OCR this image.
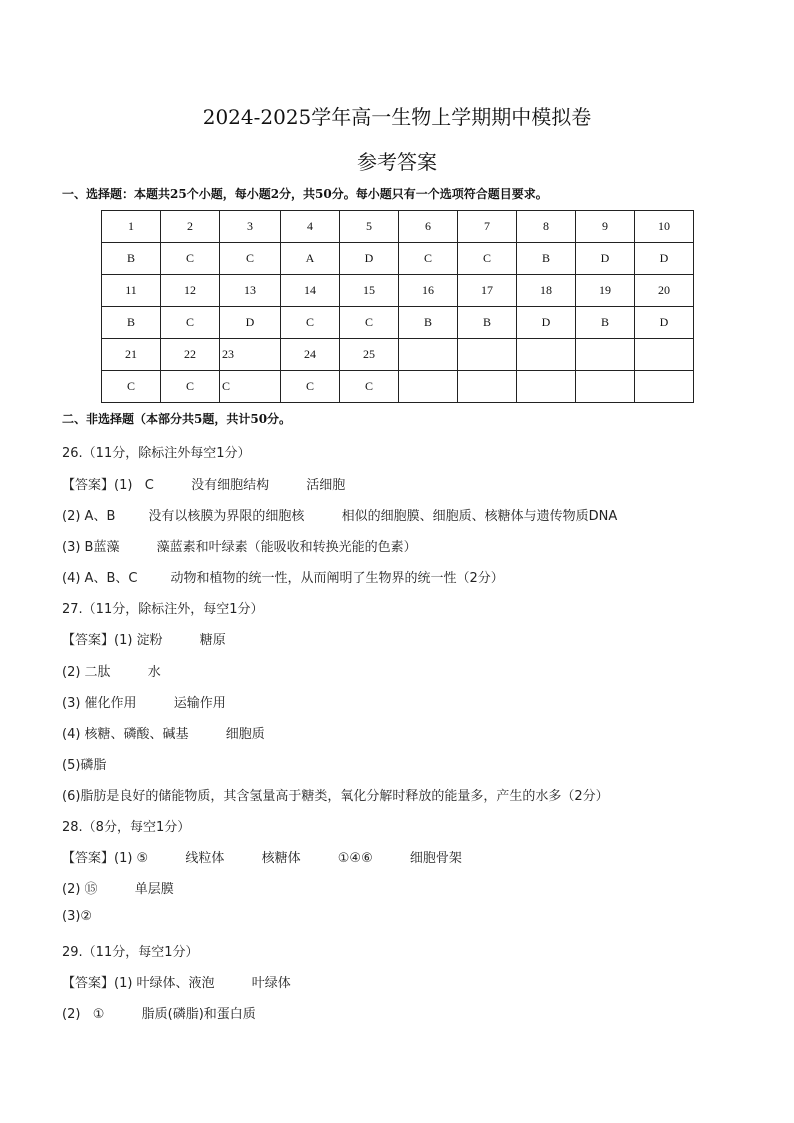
2024-2025学年高一生物上学期期中模拟卷
参考答案
一、选择题：本题共25个小题，每小题2分，共50分。每小题只有一个选项符合题目要求。
1	2	3	4	5	6	7	8	9	10
B	C	C	A	D	C	C	B	D	D
11	12	13	14	15	16	17	18	19	20
B	C	D	C	C	B	B	D	B	D
21	22	23	24	25					
C	C	C	C	C					
二、非选择题（本部分共5题，共计50分。
26.（11分，除标注外每空1分）
【答案】(1)   C         没有细胞结构         活细胞
(2) A、B        没有以核膜为界限的细胞核         相似的细胞膜、细胞质、核糖体与遗传物质DNA
(3) B蓝藻         藻蓝素和叶绿素（能吸收和转换光能的色素）
(4) A、B、C        动物和植物的统一性，从而阐明了生物界的统一性（2分）
27.（11分，除标注外，每空1分）
【答案】(1) 淀粉         糖原
(2) 二肽         水
(3) 催化作用         运输作用
(4) 核糖、磷酸、碱基         细胞质
(5)磷脂
(6)脂肪是良好的储能物质，其含氢量高于糖类，氧化分解时释放的能量多，产生的水多（2分）
28.（8分，每空1分）
【答案】(1) ⑤         线粒体         核糖体         ①④⑥         细胞骨架
(2) ⑮         单层膜
(3)②
29.（11分，每空1分）
【答案】(1) 叶绿体、液泡         叶绿体
(2)   ①         脂质(磷脂)和蛋白质
